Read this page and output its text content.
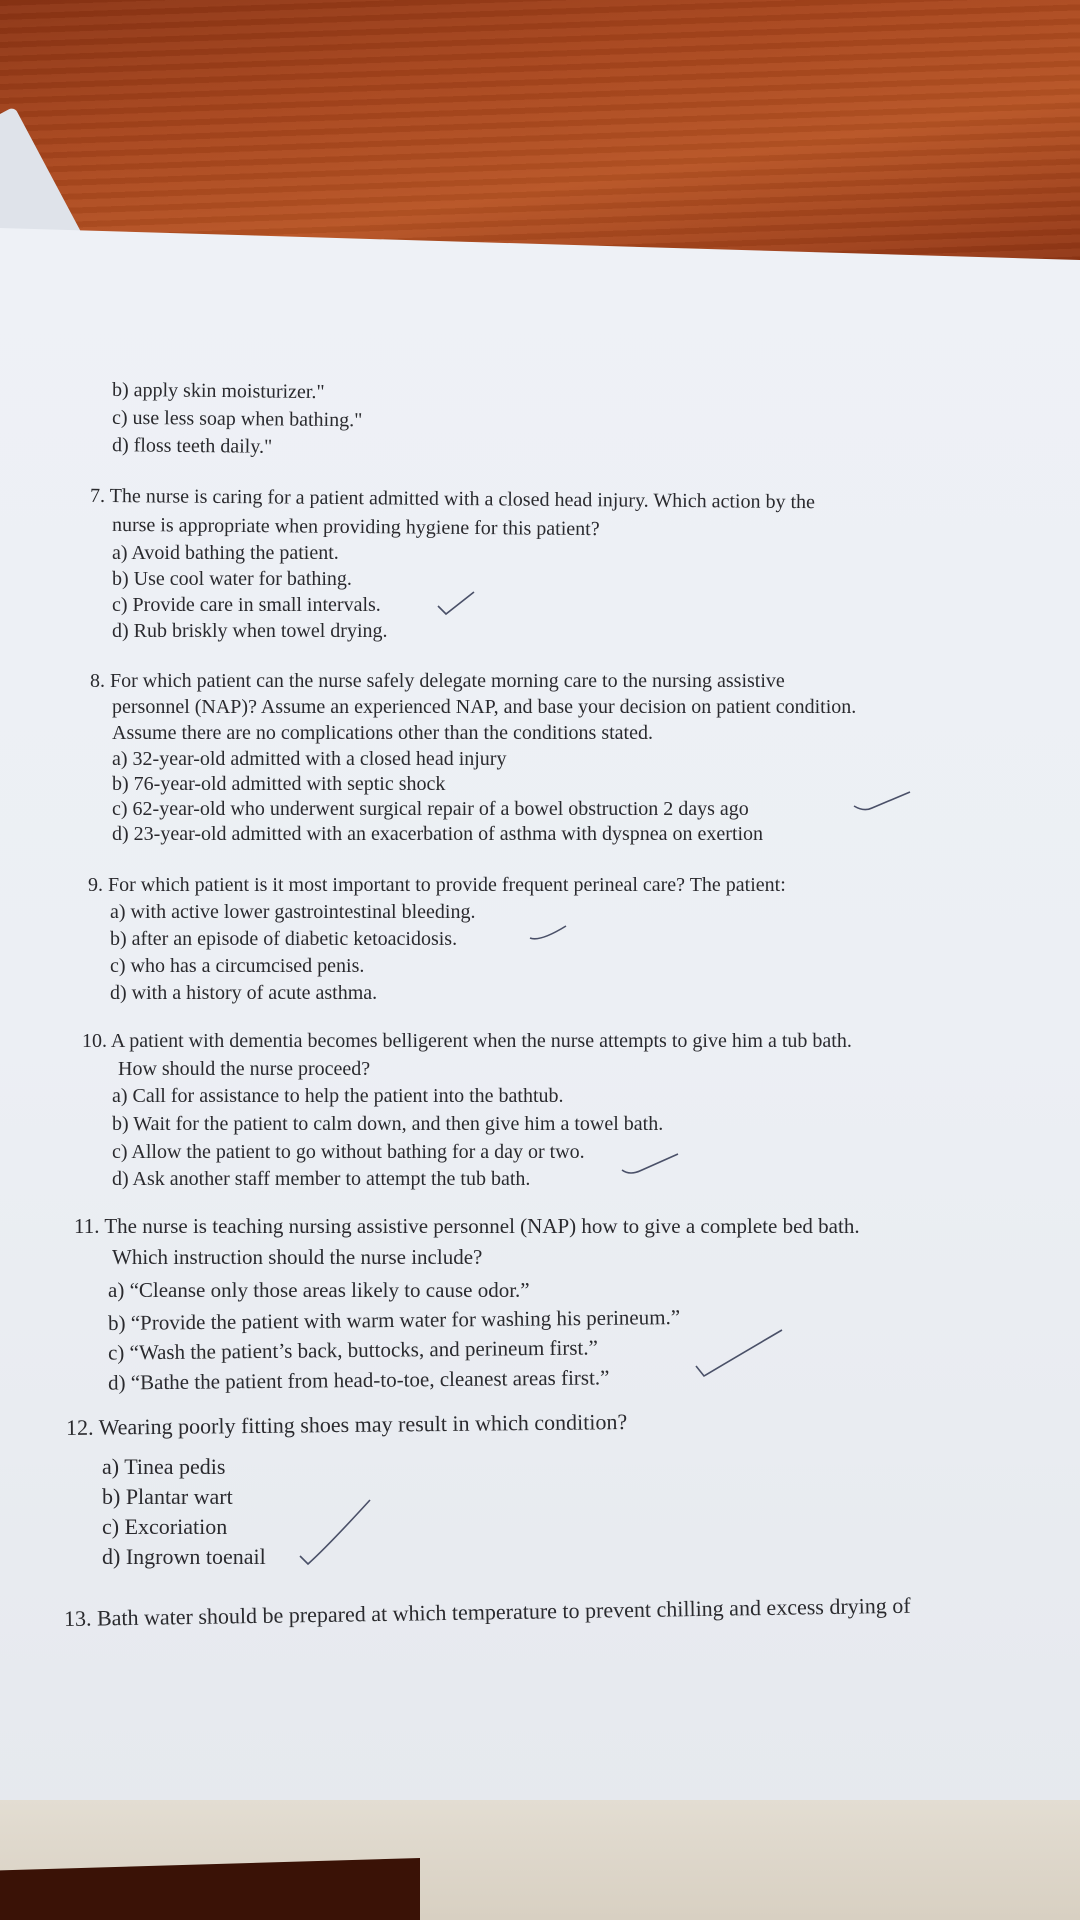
b) apply skin moisturizer."
c) use less soap when bathing."
d) floss teeth daily."
7. The nurse is caring for a patient admitted with a closed head injury. Which action by the
nurse is appropriate when providing hygiene for this patient?
a) Avoid bathing the patient.
b) Use cool water for bathing.
c) Provide care in small intervals.
d) Rub briskly when towel drying.
8. For which patient can the nurse safely delegate morning care to the nursing assistive
personnel (NAP)? Assume an experienced NAP, and base your decision on patient condition.
Assume there are no complications other than the conditions stated.
a) 32-year-old admitted with a closed head injury
b) 76-year-old admitted with septic shock
c) 62-year-old who underwent surgical repair of a bowel obstruction 2 days ago
d) 23-year-old admitted with an exacerbation of asthma with dyspnea on exertion
9. For which patient is it most important to provide frequent perineal care? The patient:
a) with active lower gastrointestinal bleeding.
b) after an episode of diabetic ketoacidosis.
c) who has a circumcised penis.
d) with a history of acute asthma.
10. A patient with dementia becomes belligerent when the nurse attempts to give him a tub bath.
How should the nurse proceed?
a) Call for assistance to help the patient into the bathtub.
b) Wait for the patient to calm down, and then give him a towel bath.
c) Allow the patient to go without bathing for a day or two.
d) Ask another staff member to attempt the tub bath.
11. The nurse is teaching nursing assistive personnel (NAP) how to give a complete bed bath.
Which instruction should the nurse include?
a) “Cleanse only those areas likely to cause odor.”
b) “Provide the patient with warm water for washing his perineum.”
c) “Wash the patient’s back, buttocks, and perineum first.”
d) “Bathe the patient from head-to-toe, cleanest areas first.”
12. Wearing poorly fitting shoes may result in which condition?
a) Tinea pedis
b) Plantar wart
c) Excoriation
d) Ingrown toenail
13. Bath water should be prepared at which temperature to prevent chilling and excess drying of
